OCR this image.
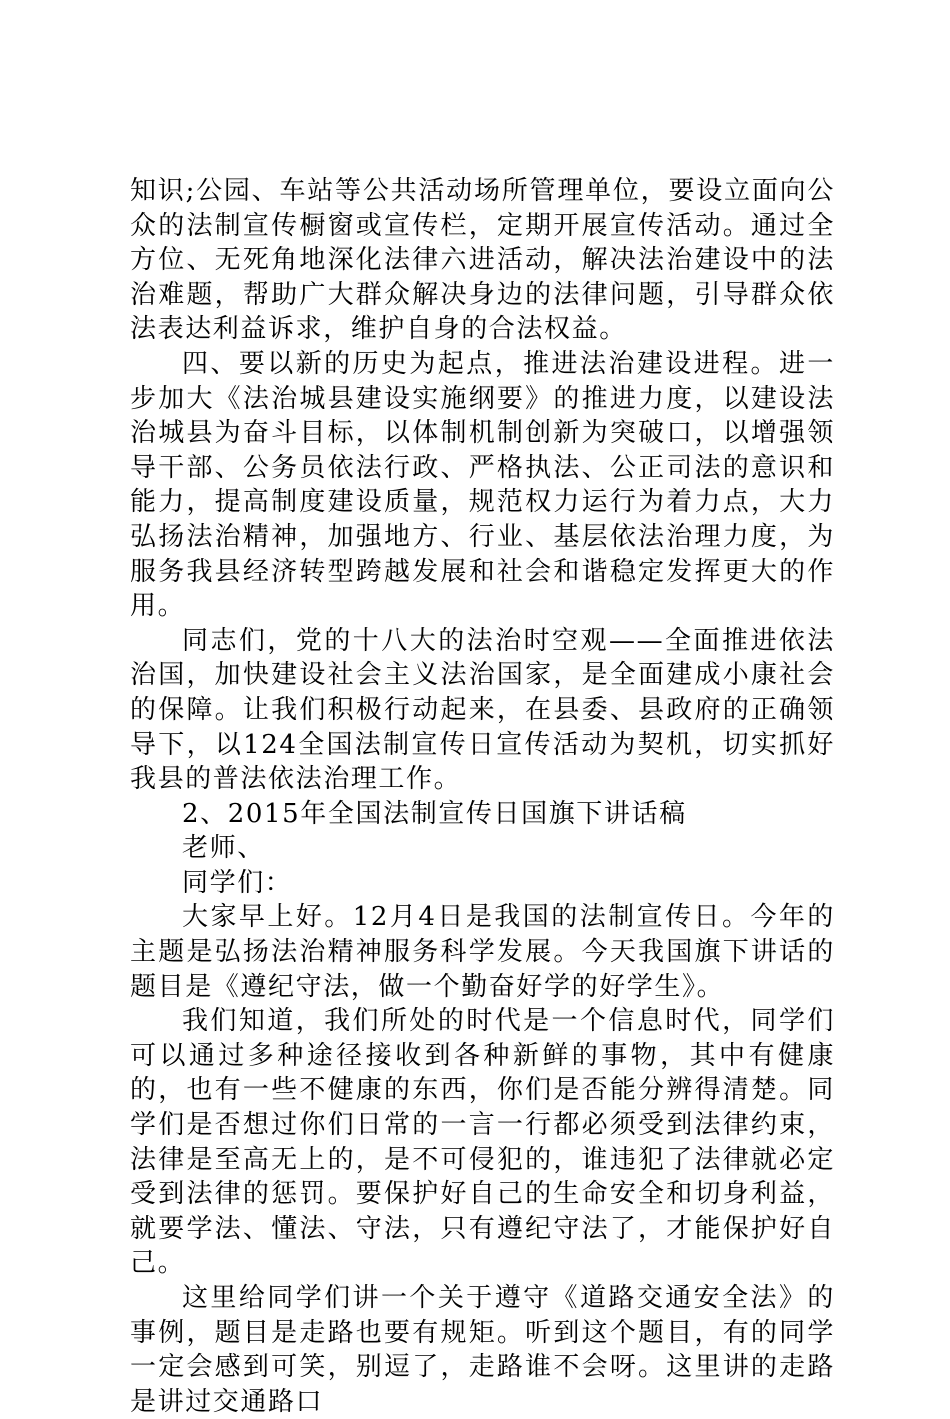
知识;公园、车站等公共活动场所管理单位，要设立面向公众的法制宣传橱窗或宣传栏，定期开展宣传活动。通过全方位、无死角地深化法律六进活动，解决法治建设中的法治难题，帮助广大群众解决身边的法律问题，引导群众依法表达利益诉求，维护自身的合法权益。

四、要以新的历史为起点，推进法治建设进程。进一步加大《法治城县建设实施纲要》的推进力度，以建设法治城县为奋斗目标，以体制机制创新为突破口，以增强领导干部、公务员依法行政、严格执法、公正司法的意识和能力，提高制度建设质量，规范权力运行为着力点，大力弘扬法治精神，加强地方、行业、基层依法治理力度，为服务我县经济转型跨越发展和社会和谐稳定发挥更大的作用。

同志们，党的十八大的法治时空观——全面推进依法治国，加快建设社会主义法治国家，是全面建成小康社会的保障。让我们积极行动起来，在县委、县政府的正确领导下，以124全国法制宣传日宣传活动为契机，切实抓好我县的普法依法治理工作。

2、2015年全国法制宣传日国旗下讲话稿

老师、

同学们：

大家早上好。12月4日是我国的法制宣传日。今年的主题是弘扬法治精神服务科学发展。今天我国旗下讲话的题目是《遵纪守法，做一个勤奋好学的好学生》。

我们知道，我们所处的时代是一个信息时代，同学们可以通过多种途径接收到各种新鲜的事物，其中有健康的，也有一些不健康的东西，你们是否能分辨得清楚。同学们是否想过你们日常的一言一行都必须受到法律约束，法律是至高无上的，是不可侵犯的，谁违犯了法律就必定受到法律的惩罚。要保护好自己的生命安全和切身利益，就要学法、懂法、守法，只有遵纪守法了，才能保护好自己。

这里给同学们讲一个关于遵守《道路交通安全法》的事例，题目是走路也要有规矩。听到这个题目，有的同学一定会感到可笑，别逗了，走路谁不会呀。这里讲的走路是讲过交通路口
